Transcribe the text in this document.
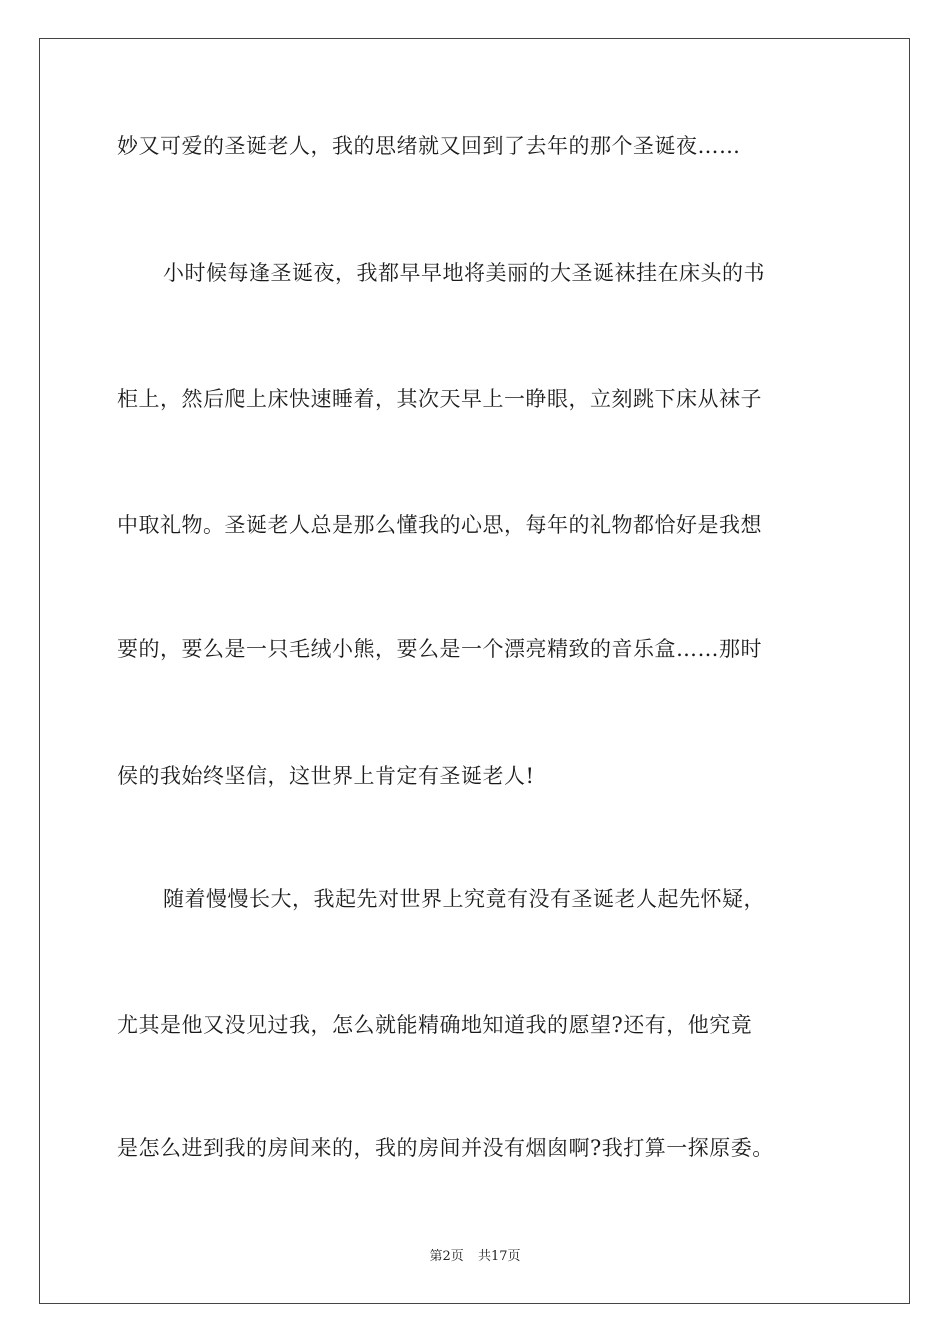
妙又可爱的圣诞老人，我的思绪就又回到了去年的那个圣诞夜……
小时候每逢圣诞夜，我都早早地将美丽的大圣诞袜挂在床头的书
柜上，然后爬上床快速睡着，其次天早上一睁眼，立刻跳下床从袜子
中取礼物。圣诞老人总是那么懂我的心思，每年的礼物都恰好是我想
要的，要么是一只毛绒小熊，要么是一个漂亮精致的音乐盒……那时
侯的我始终坚信，这世界上肯定有圣诞老人!
随着慢慢长大，我起先对世界上究竟有没有圣诞老人起先怀疑，
尤其是他又没见过我，怎么就能精确地知道我的愿望?还有，他究竟
是怎么进到我的房间来的，我的房间并没有烟囱啊?我打算一探原委。
第2页 共17页
